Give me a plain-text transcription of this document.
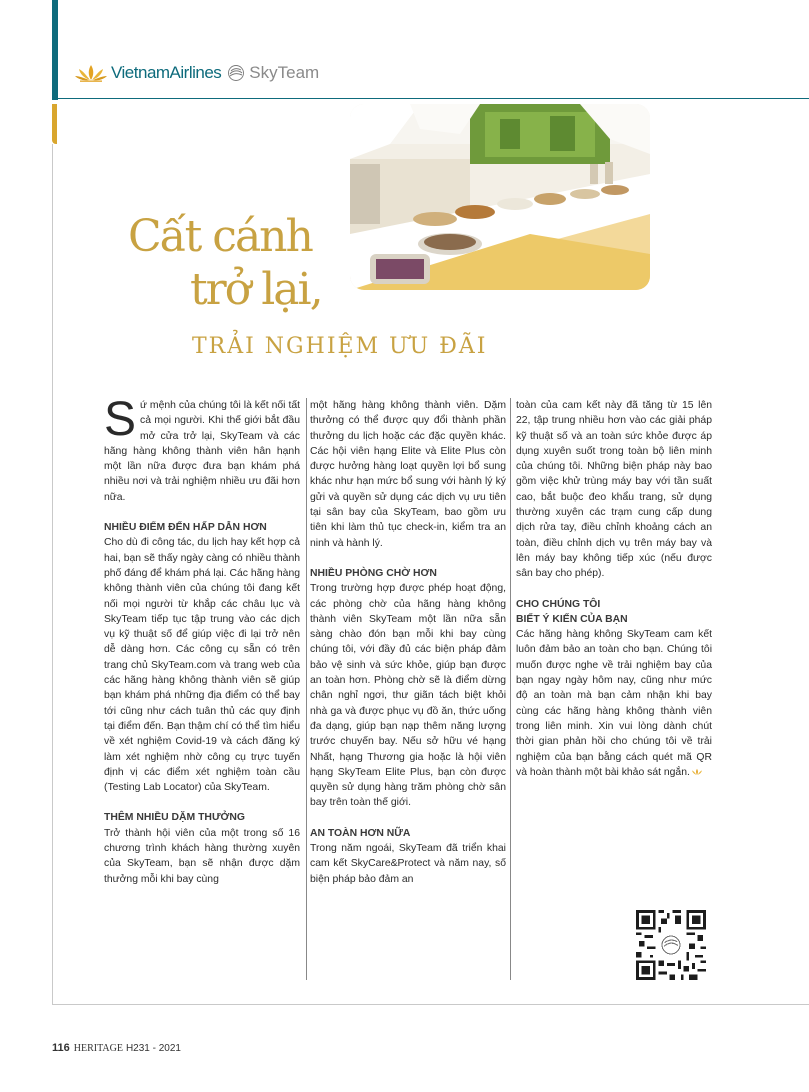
VietnamAirlines SkyTeam
Cất cánh
trở lại,
TRẢI NGHIỆM ƯU ĐÃI
S ứ mệnh của chúng tôi là kết nối tất cả mọi người. Khi thế giới bắt đầu mở cửa trở lại, SkyTeam và các hãng hàng không thành viên hân hạnh một lần nữa được đưa bạn khám phá nhiều nơi và trải nghiệm nhiều ưu đãi hơn nữa.

NHIỀU ĐIỂM ĐẾN HẤP DẪN HƠN

Cho dù đi công tác, du lịch hay kết hợp cả hai, bạn sẽ thấy ngày càng có nhiều thành phố đáng để khám phá lại. Các hãng hàng không thành viên của chúng tôi đang kết nối mọi người từ khắp các châu lục và SkyTeam tiếp tục tập trung vào các dịch vụ kỹ thuật số để giúp việc đi lại trở nên dễ dàng hơn. Các công cụ sẵn có trên trang chủ SkyTeam.com và trang web của các hãng hàng không thành viên sẽ giúp bạn khám phá những địa điểm có thể bay tới cũng như cách tuân thủ các quy định tại điểm đến. Bạn thậm chí có thể tìm hiểu về xét nghiệm Covid-19 và cách đăng ký làm xét nghiệm nhờ công cụ trực tuyến định vị các điểm xét nghiệm toàn cầu (Testing Lab Locator) của SkyTeam.

THÊM NHIỀU DẶM THƯỞNG

Trở thành hội viên của một trong số 16 chương trình khách hàng thường xuyên của SkyTeam, bạn sẽ nhận được dặm thưởng mỗi khi bay cùng

một hãng hàng không thành viên. Dặm thưởng có thể được quy đổi thành phần thưởng du lịch hoặc các đặc quyền khác. Các hội viên hạng Elite và Elite Plus còn được hưởng hàng loạt quyền lợi bổ sung khác như hạn mức bổ sung với hành lý ký gửi và quyền sử dụng các dịch vụ ưu tiên tại sân bay của SkyTeam, bao gồm ưu tiên khi làm thủ tục check-in, kiểm tra an ninh và hành lý.

NHIỀU PHÒNG CHỜ HƠN

Trong trường hợp được phép hoạt động, các phòng chờ của hãng hàng không thành viên SkyTeam một lần nữa sẵn sàng chào đón bạn mỗi khi bay cùng chúng tôi, với đầy đủ các biện pháp đảm bảo vệ sinh và sức khỏe, giúp bạn được an toàn hơn. Phòng chờ sẽ là điểm dừng chân nghỉ ngơi, thư giãn tách biệt khỏi nhà ga và được phục vụ đồ ăn, thức uống đa dạng, giúp bạn nạp thêm năng lượng trước chuyến bay. Nếu sở hữu vé hạng Nhất, hạng Thương gia hoặc là hội viên hạng SkyTeam Elite Plus, bạn còn được quyền sử dụng hàng trăm phòng chờ sân bay trên toàn thế giới.

AN TOÀN HƠN NỮA

Trong năm ngoái, SkyTeam đã triển khai cam kết SkyCare&Protect và năm nay, số biện pháp bảo đảm an

toàn của cam kết này đã tăng từ 15 lên 22, tập trung nhiều hơn vào các giải pháp kỹ thuật số và an toàn sức khỏe được áp dụng xuyên suốt trong toàn bộ liên minh của chúng tôi. Những biện pháp này bao gồm việc khử trùng máy bay với tần suất cao, bắt buộc đeo khẩu trang, sử dụng thường xuyên các trạm cung cấp dung dịch rửa tay, điều chỉnh khoảng cách an toàn, điều chỉnh dịch vụ trên máy bay và lên máy bay không tiếp xúc (nếu được sân bay cho phép).

CHO CHÚNG TÔI
BIẾT Ý KIẾN CỦA BẠN

Các hãng hàng không SkyTeam cam kết luôn đảm bảo an toàn cho bạn. Chúng tôi muốn được nghe về trải nghiệm bay của bạn ngay ngày hôm nay, cũng như mức độ an toàn mà bạn cảm nhận khi bay cùng các hãng hàng không thành viên trong liên minh. Xin vui lòng dành chút thời gian phản hồi cho chúng tôi về trải nghiệm của bạn bằng cách quét mã QR và hoàn thành một bài khảo sát ngắn.

116 HERITAGE H231 - 2021
